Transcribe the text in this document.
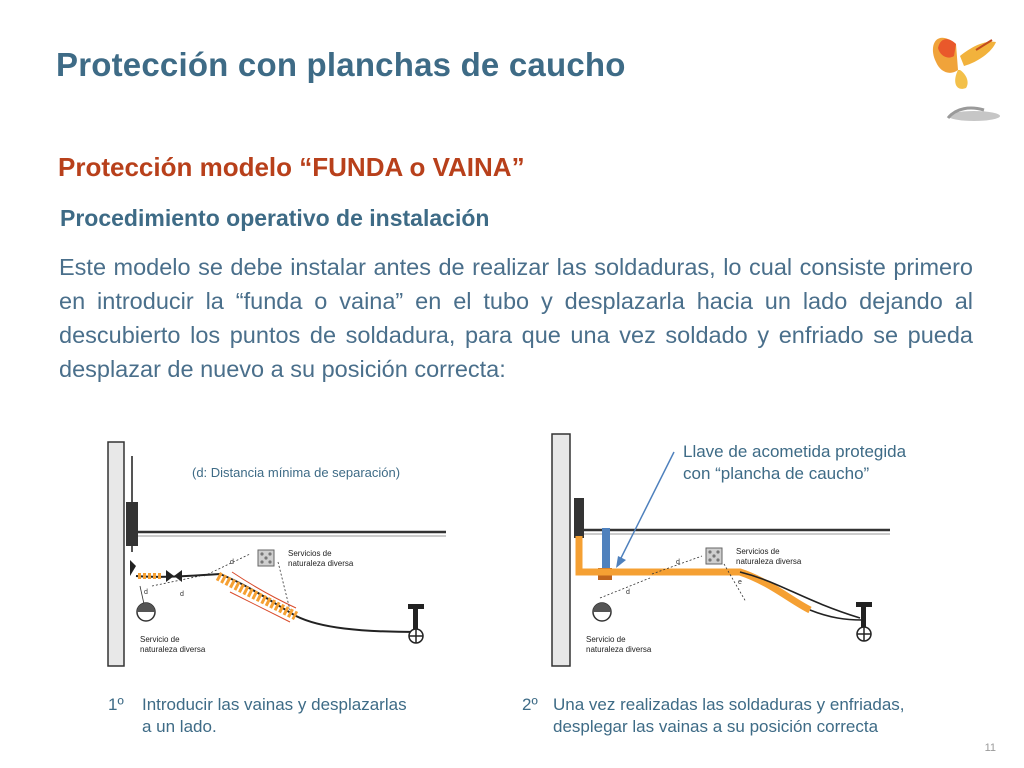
Protección con planchas de caucho
Protección modelo “FUNDA o VAINA”
Procedimiento operativo de instalación
Este modelo se debe instalar antes de realizar las soldaduras, lo cual consiste primero en introducir la “funda o vaina” en el tubo y desplazarla hacia un lado dejando al descubierto los puntos de soldadura, para que una vez soldado y enfriado se pueda desplazar de nuevo a su posición correcta:
d
d
d
Servicios de
naturaleza diversa
Servicio de
naturaleza diversa
(d: Distancia mínima de separación)
d
d
e
Servicios de
naturaleza diversa
Servicio de
naturaleza diversa
Llave de acometida protegida
con “plancha de caucho”
1º Introducir las vainas y desplazarlas
a un lado.
2º Una vez realizadas las soldaduras y enfriadas,
desplegar las vainas a su posición correcta
11
